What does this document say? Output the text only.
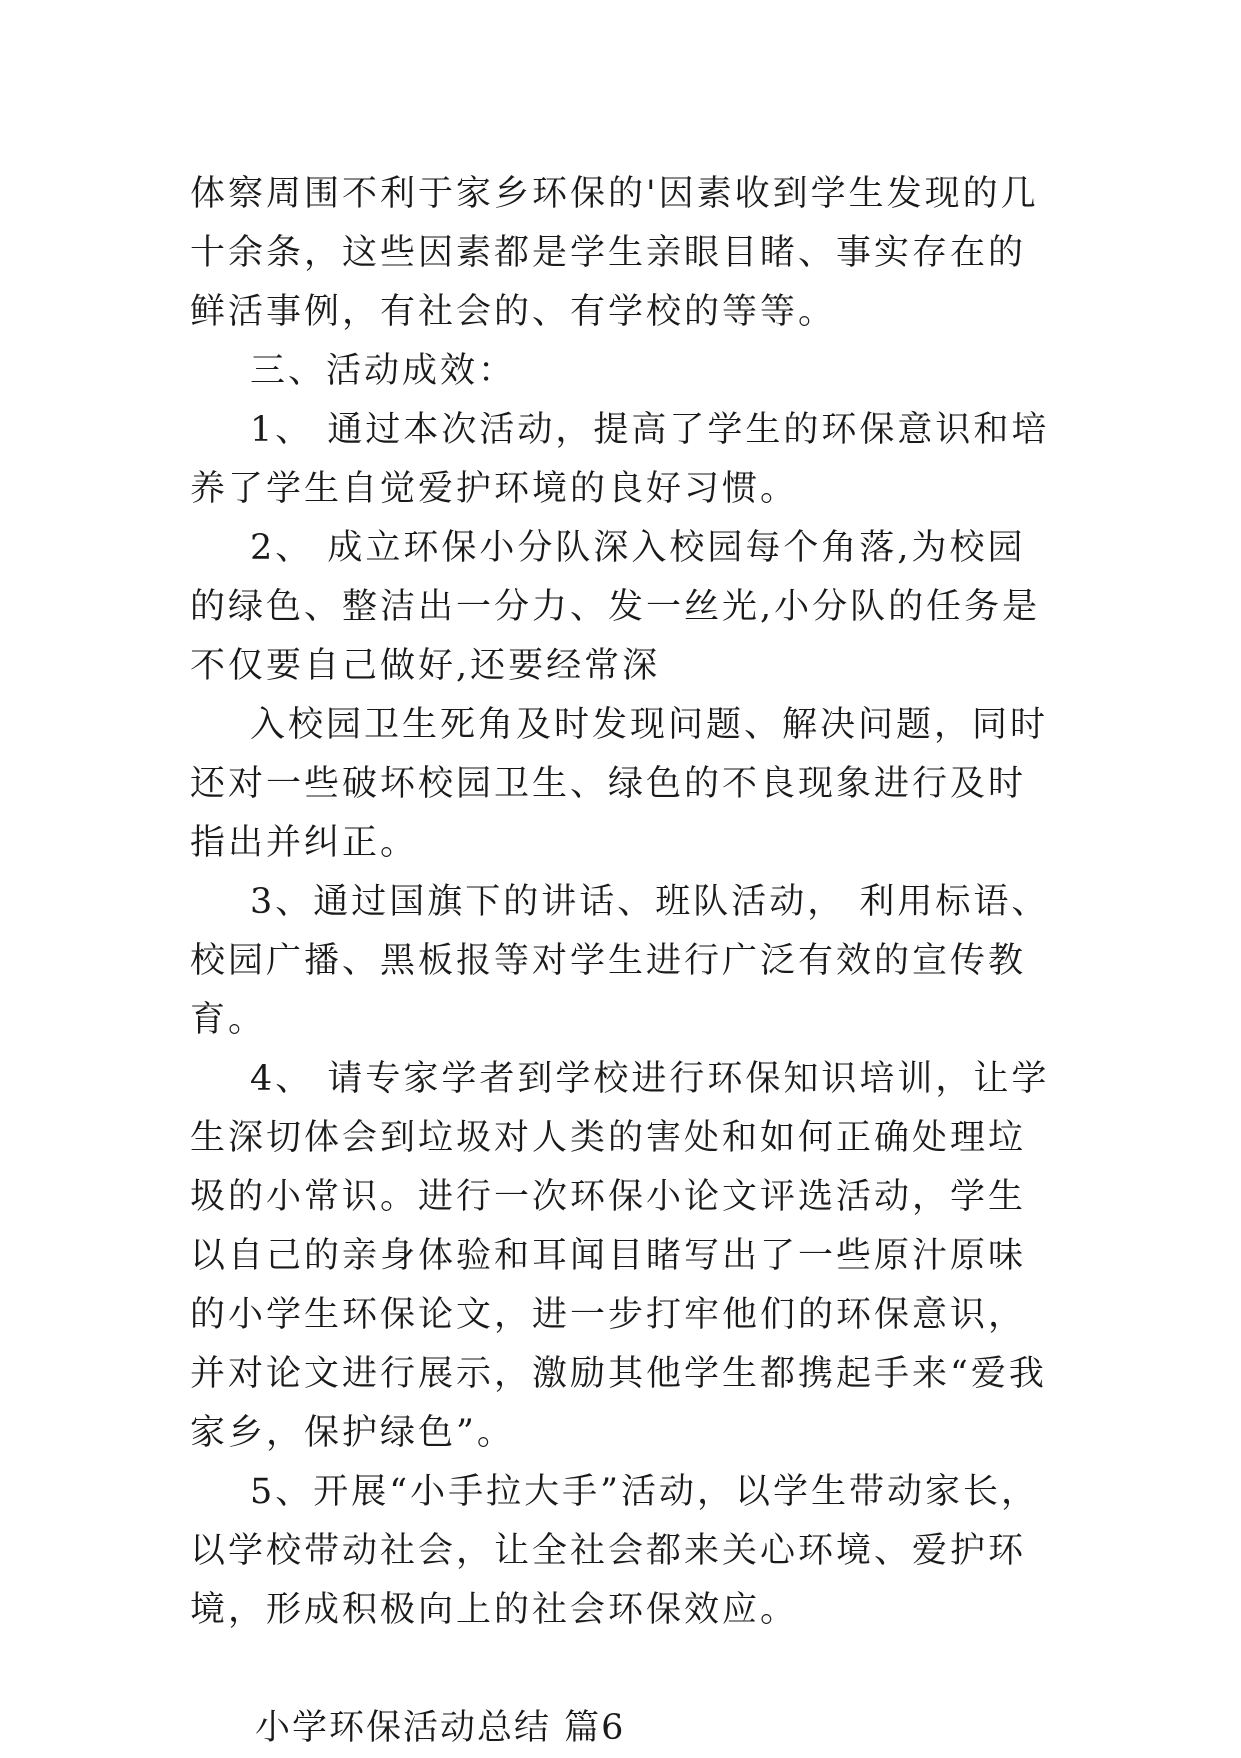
体察周围不利于家乡环保的'因素收到学生发现的几十余条，这些因素都是学生亲眼目睹、事实存在的鲜活事例，有社会的、有学校的等等。

三、活动成效：

1、 通过本次活动，提高了学生的环保意识和培养了学生自觉爱护环境的良好习惯。

2、 成立环保小分队深入校园每个角落,为校园的绿色、整洁出一分力、发一丝光,小分队的任务是不仅要自己做好,还要经常深

入校园卫生死角及时发现问题、解决问题，同时还对一些破坏校园卫生、绿色的不良现象进行及时指出并纠正。

3、通过国旗下的讲话、班队活动， 利用标语、校园广播、黑板报等对学生进行广泛有效的宣传教育。

4、 请专家学者到学校进行环保知识培训，让学生深切体会到垃圾对人类的害处和如何正确处理垃圾的小常识。进行一次环保小论文评选活动，学生以自己的亲身体验和耳闻目睹写出了一些原汁原味的小学生环保论文，进一步打牢他们的环保意识，并对论文进行展示，激励其他学生都携起手来“爱我家乡，保护绿色”。

5、开展“小手拉大手”活动，以学生带动家长，以学校带动社会，让全社会都来关心环境、爱护环境，形成积极向上的社会环保效应。

小学环保活动总结 篇6
